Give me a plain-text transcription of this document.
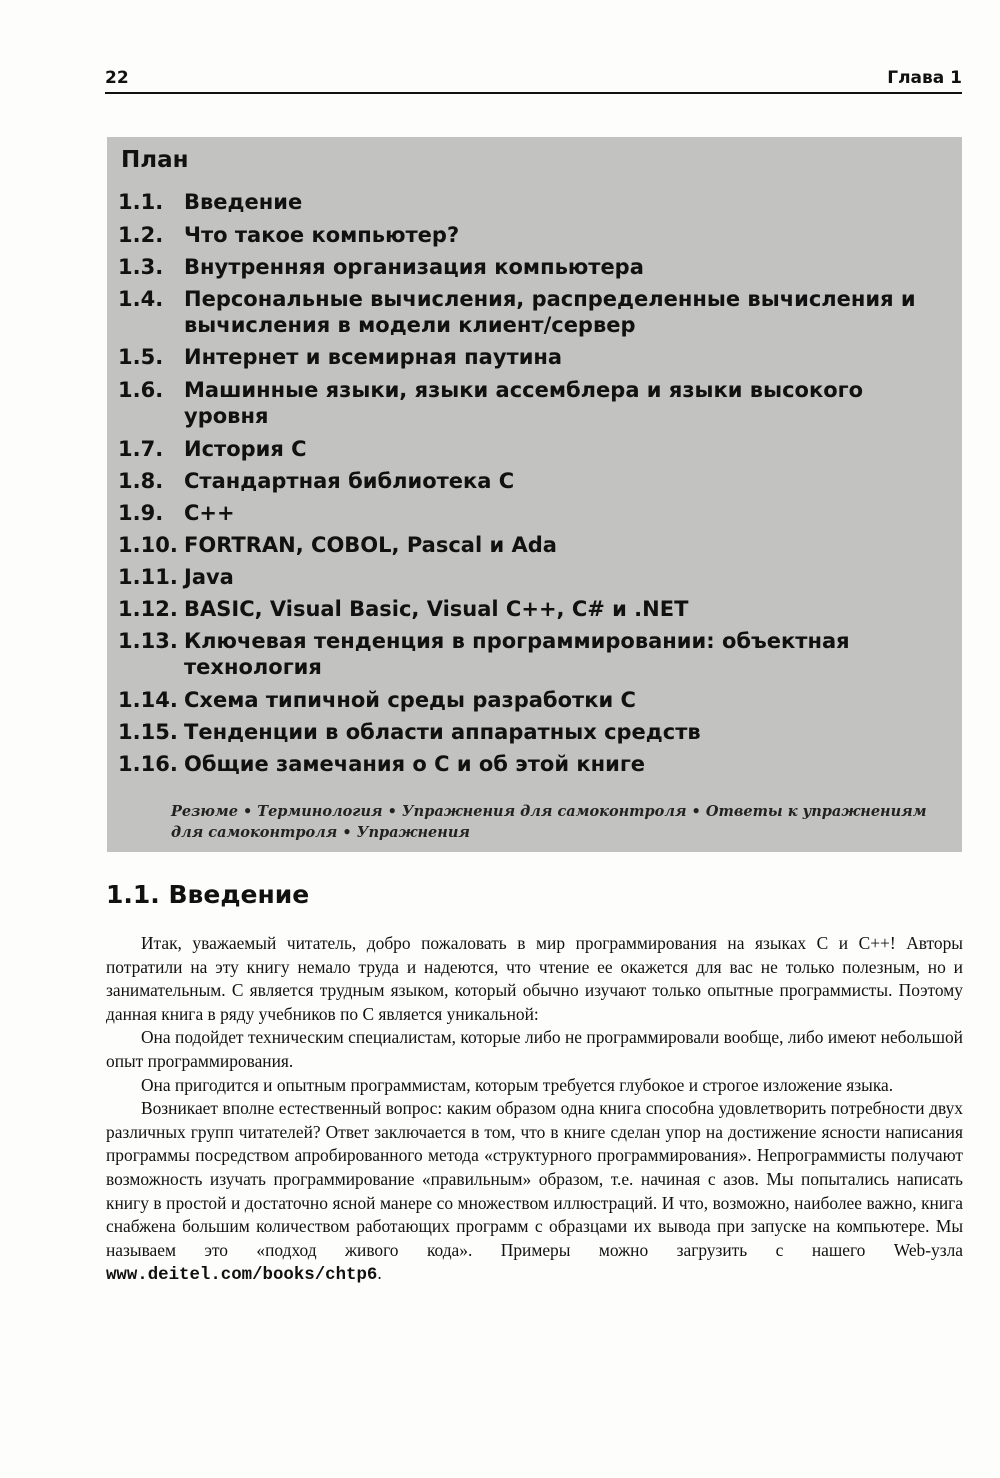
22	Глава 1
План
1.1. Введение
1.2. Что такое компьютер?
1.3. Внутренняя организация компьютера
1.4. Персональные вычисления, распределенные вычисления и вычисления в модели клиент/сервер
1.5. Интернет и всемирная паутина
1.6. Машинные языки, языки ассемблера и языки высокого уровня
1.7. История С
1.8. Стандартная библиотека С
1.9. С++
1.10. FORTRAN, COBOL, Pascal и Ada
1.11. Java
1.12. BASIC, Visual Basic, Visual C++, C# и .NET
1.13. Ключевая тенденция в программировании: объектная технология
1.14. Схема типичной среды разработки С
1.15. Тенденции в области аппаратных средств
1.16. Общие замечания о С и об этой книге
Резюме • Терминология • Упражнения для самоконтроля • Ответы к упражнениям для самоконтроля • Упражнения
1.1. Введение

Итак, уважаемый читатель, добро пожаловать в мир программирования на языках С и С++! Авторы потратили на эту книгу немало труда и надеются, что чтение ее окажется для вас не только полезным, но и занимательным. С является трудным языком, который обычно изучают только опытные программисты. Поэтому данная книга в ряду учебников по С является уникальной:

Она подойдет техническим специалистам, которые либо не программировали вообще, либо имеют небольшой опыт программирования.

Она пригодится и опытным программистам, которым требуется глубокое и строгое изложение языка.

Возникает вполне естественный вопрос: каким образом одна книга способна удовлетворить потребности двух различных групп читателей? Ответ заключается в том, что в книге сделан упор на достижение ясности написания программы посредством апробированного метода «структурного программирования». Непрограммисты получают возможность изучать программирование «правильным» образом, т.е. начиная с азов. Мы попытались написать книгу в простой и достаточно ясной манере со множеством иллюстраций. И что, возможно, наиболее важно, книга снабжена большим количеством работающих программ с образцами их вывода при запуске на компьютере. Мы называем это «подход живого кода». Примеры можно загрузить с нашего Web-узла www.deitel.com/books/chtp6.
